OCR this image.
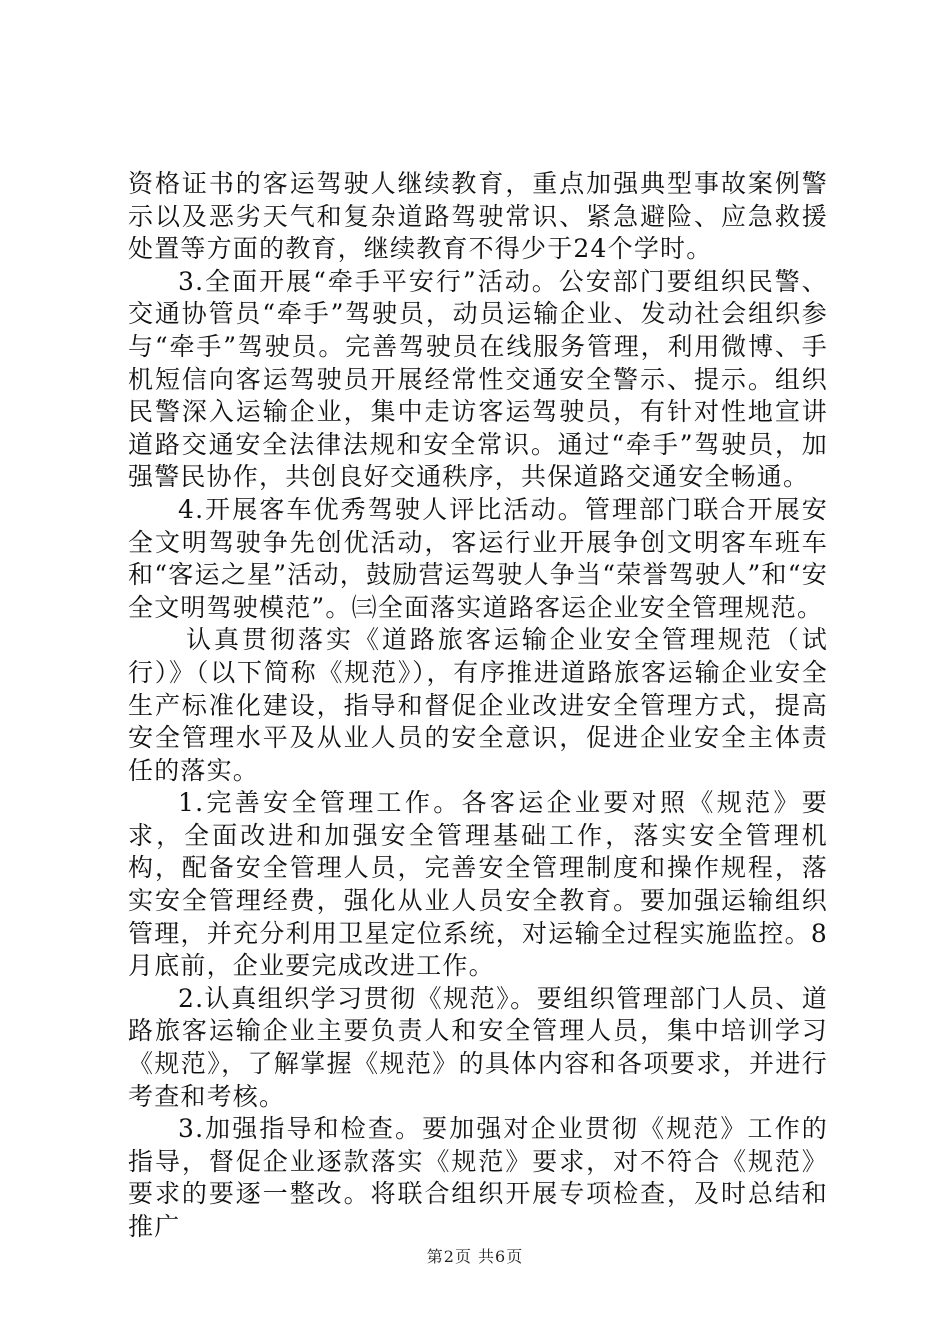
资格证书的客运驾驶人继续教育，重点加强典型事故案例警示以及恶劣天气和复杂道路驾驶常识、紧急避险、应急救援处置等方面的教育，继续教育不得少于24个学时。

3.全面开展“牵手平安行”活动。公安部门要组织民警、交通协管员“牵手”驾驶员，动员运输企业、发动社会组织参与“牵手”驾驶员。完善驾驶员在线服务管理，利用微博、手机短信向客运驾驶员开展经常性交通安全警示、提示。组织民警深入运输企业，集中走访客运驾驶员，有针对性地宣讲道路交通安全法律法规和安全常识。通过“牵手”驾驶员，加强警民协作，共创良好交通秩序，共保道路交通安全畅通。

4.开展客车优秀驾驶人评比活动。管理部门联合开展安全文明驾驶争先创优活动，客运行业开展争创文明客车班车和“客运之星”活动，鼓励营运驾驶人争当“荣誉驾驶人”和“安全文明驾驶模范”。㈢全面落实道路客运企业安全管理规范。

认真贯彻落实《道路旅客运输企业安全管理规范（试行）》（以下简称《规范》），有序推进道路旅客运输企业安全生产标准化建设，指导和督促企业改进安全管理方式，提高安全管理水平及从业人员的安全意识，促进企业安全主体责任的落实。

1.完善安全管理工作。各客运企业要对照《规范》要求，全面改进和加强安全管理基础工作，落实安全管理机构，配备安全管理人员，完善安全管理制度和操作规程，落实安全管理经费，强化从业人员安全教育。要加强运输组织管理，并充分利用卫星定位系统，对运输全过程实施监控。8月底前，企业要完成改进工作。

2.认真组织学习贯彻《规范》。要组织管理部门人员、道路旅客运输企业主要负责人和安全管理人员，集中培训学习《规范》，了解掌握《规范》的具体内容和各项要求，并进行考查和考核。

3.加强指导和检查。要加强对企业贯彻《规范》工作的指导，督促企业逐款落实《规范》要求，对不符合《规范》要求的要逐一整改。将联合组织开展专项检查，及时总结和推广

第2页 共6页
